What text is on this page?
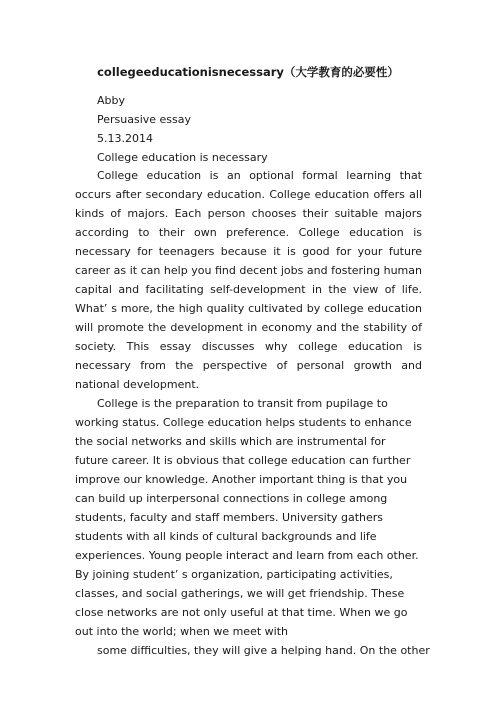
collegeeducationisnecessary（大学教育的必要性）
Abby
Persuasive essay
5.13.2014
College education is necessary

College education is an optional formal learning that occurs after secondary education. College education offers all kinds of majors. Each person chooses their suitable majors according to their own preference. College education is necessary for teenagers because it is good for your future career as it can help you find decent jobs and fostering human capital and facilitating self-development in the view of life. What’ s more, the high quality cultivated by college education will promote the development in economy and the stability of society. This essay discusses why college education is necessary from the perspective of personal growth and national development.

College is the preparation to transit from pupilage to working status. College education helps students to enhance the social networks and skills which are instrumental for future career. It is obvious that college education can further improve our knowledge. Another important thing is that you can build up interpersonal connections in college among students, faculty and staff members. University gathers students with all kinds of cultural backgrounds and life experiences. Young people interact and learn from each other. By joining student’ s organization, participating activities, classes, and social gatherings, we will get friendship. These close networks are not only useful at that time. When we go out into the world; when we meet with

some difficulties, they will give a helping hand. On the other
